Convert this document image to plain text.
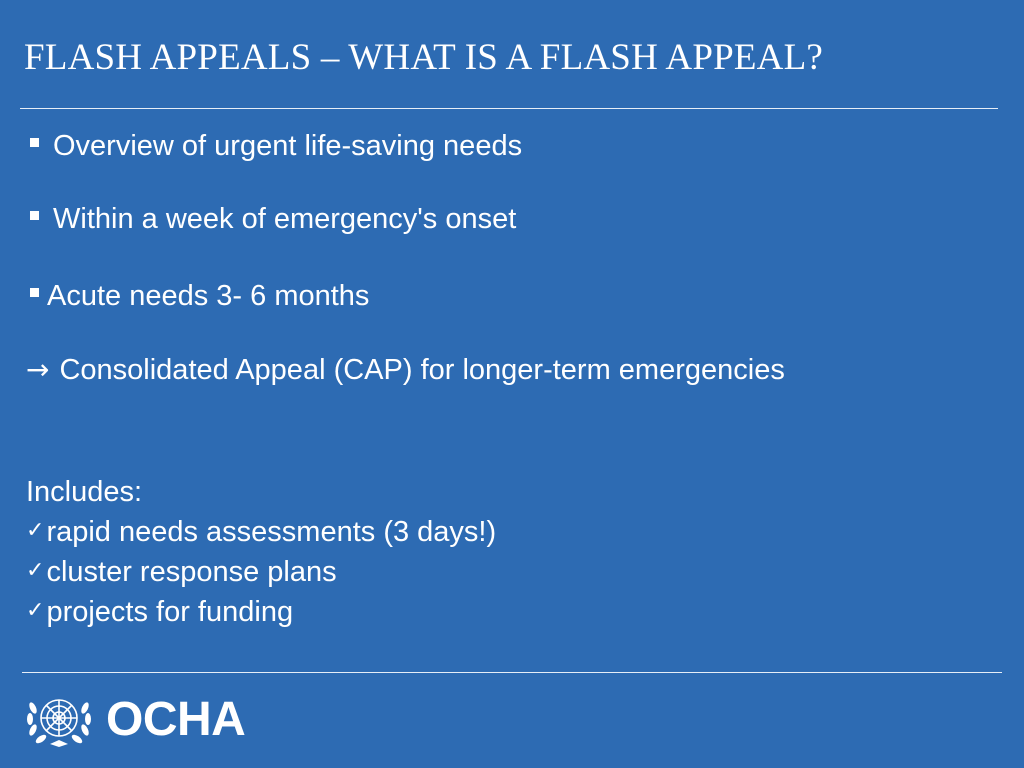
FLASH APPEALS – WHAT IS A FLASH APPEAL?
Overview of urgent life-saving needs
Within a week of emergency's onset
Acute needs 3- 6 months
→ Consolidated Appeal (CAP) for longer-term emergencies
Includes:
✓ rapid needs assessments (3 days!)
✓ cluster response plans
✓ projects for funding
OCHA
